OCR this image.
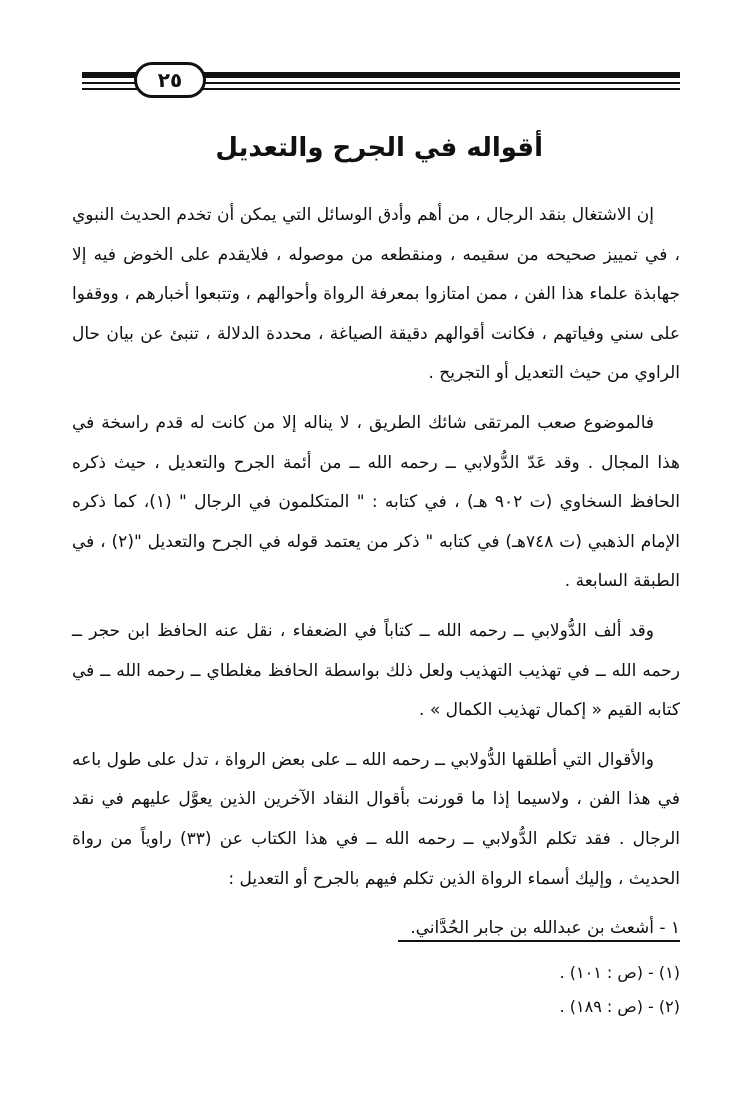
٢٥
أقواله في الجرح والتعديل

إن الاشتغال بنقد الرجال ، من أهم وأدق الوسائل التي يمكن أن تخدم الحديث النبوي ، في تمييز صحيحه من سقيمه ، ومنقطعه من موصوله ، فلايقدم على الخوض فيه إلا جهابذة علماء هذا الفن ، ممن امتازوا بمعرفة الرواة وأحوالهم ، وتتبعوا أخبارهم ، ووقفوا على سني وفياتهم ، فكانت أقوالهم دقيقة الصياغة ، محددة الدلالة ، تنبئ عن بيان حال الراوي من حيث التعديل أو التجريح .

فالموضوع صعب المرتقى شائك الطريق ، لا يناله إلا من كانت له قدم راسخة في هذا المجال . وقد عَدّ الدُّولابي ــ رحمه الله ــ من أئمة الجرح والتعديل ، حيث ذكره الحافظ السخاوي (ت ٩٠٢ هـ) ، في كتابه : " المتكلمون في الرجال " (١)، كما ذكره الإمام الذهبي (ت ٧٤٨هـ) في كتابه " ذكر من يعتمد قوله في الجرح والتعديل "(٢) ، في الطبقة السابعة .

وقد ألف الدُّولابي ــ رحمه الله ــ كتاباً في الضعفاء ، نقل عنه الحافظ ابن حجر ــ رحمه الله ــ في تهذيب التهذيب ولعل ذلك بواسطة الحافظ مغلطاي ــ رحمه الله ــ في كتابه القيم « إكمال تهذيب الكمال » .

والأقوال التي أطلقها الدُّولابي ــ رحمه الله ــ على بعض الرواة ، تدل على طول باعه في هذا الفن ، ولاسيما إذا ما قورنت بأقوال النقاد الآخرين الذين يعوَّل عليهم في نقد الرجال . فقد تكلم الدُّولابي ــ رحمه الله ــ في هذا الكتاب عن (٣٣) راوياً من رواة الحديث ، وإليك أسماء الرواة الذين تكلم فيهم بالجرح أو التعديل :

١ - أشعث بن عبدالله بن جابر الحُدَّاني.

(١) - (ص : ١٠١) .

(٢) - (ص : ١٨٩) .
